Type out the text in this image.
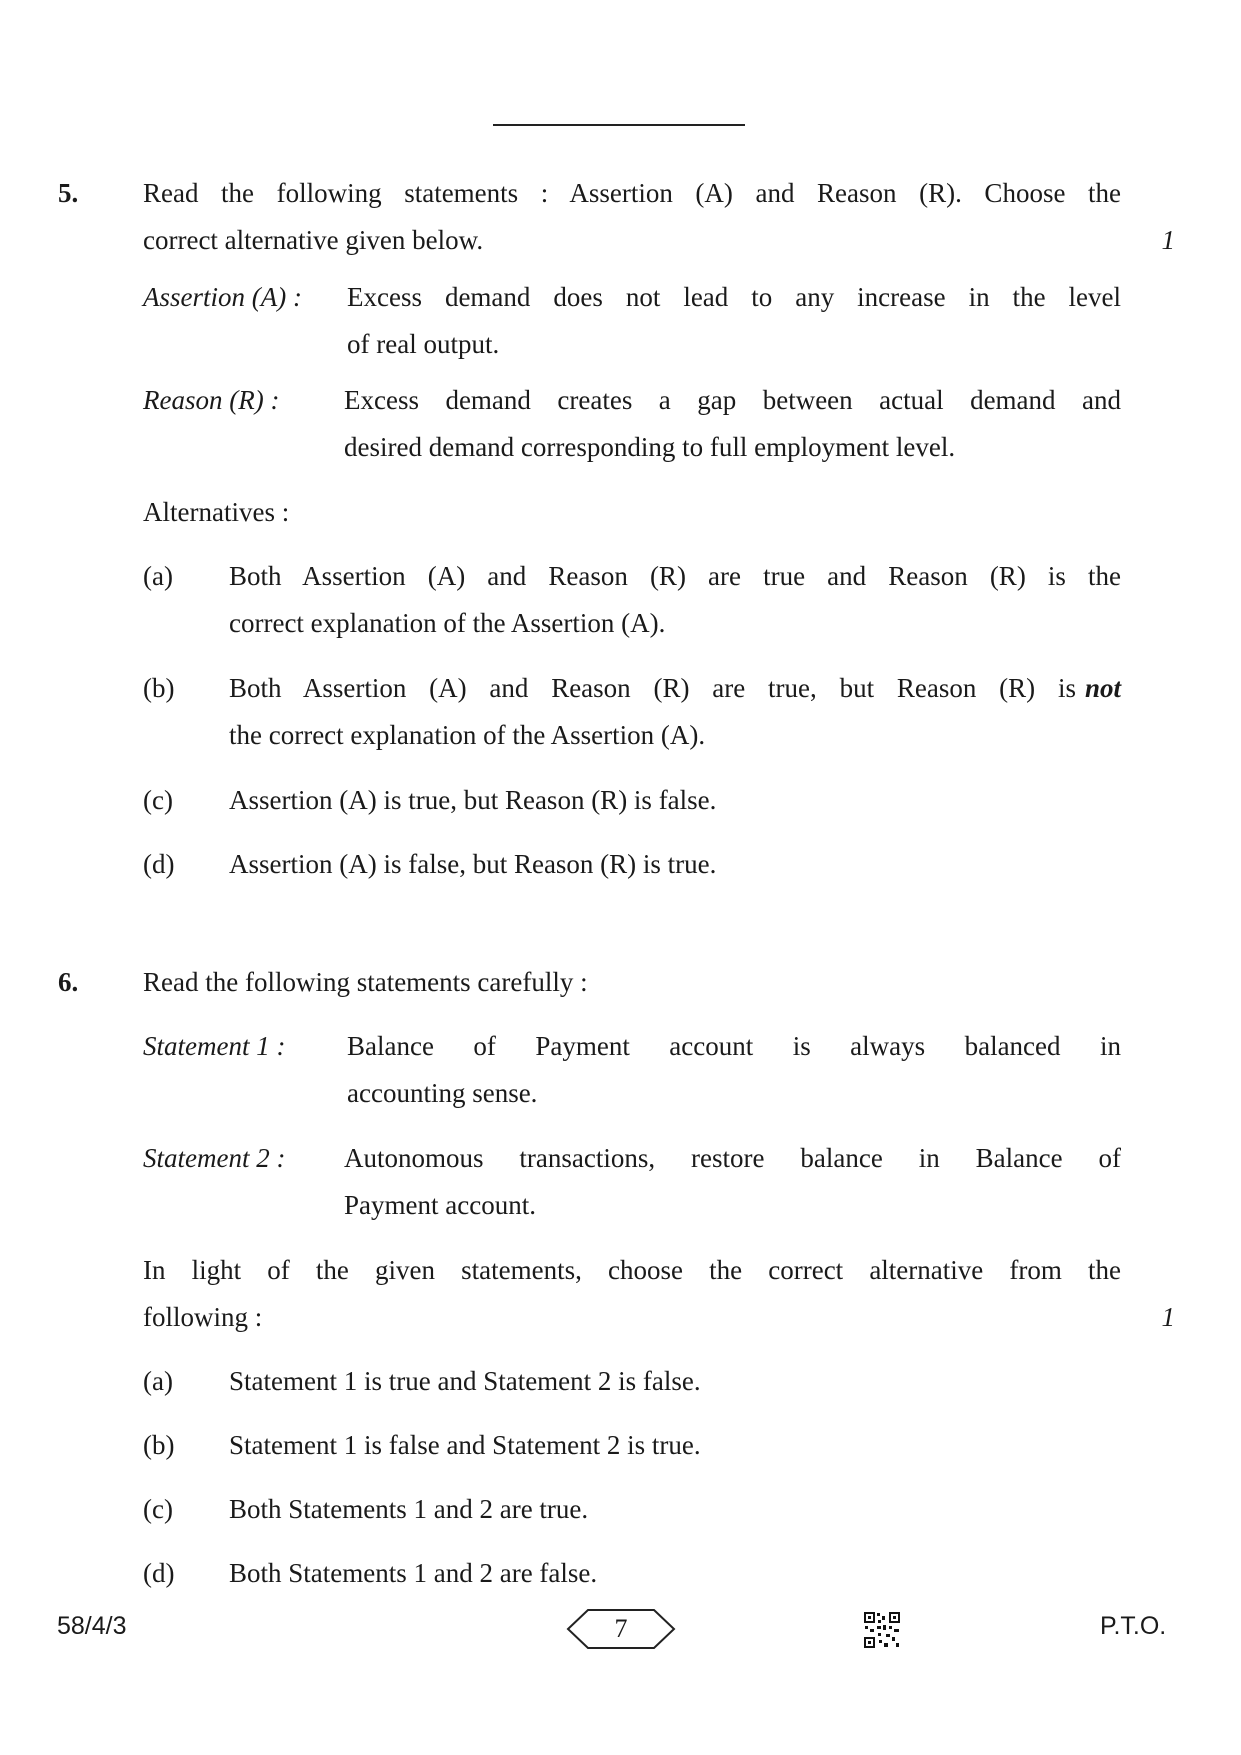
5. Read the following statements : Assertion (A) and Reason (R). Choose the
correct alternative given below.	1
Assertion (A) : Excess demand does not lead to any increase in the level
of real output.
Reason (R) : Excess demand creates a gap between actual demand and
desired demand corresponding to full employment level.
Alternatives :
(a) Both Assertion (A) and Reason (R) are true and Reason (R) is the
correct explanation of the Assertion (A).
(b) Both Assertion (A) and Reason (R) are true, but Reason (R) is not
the correct explanation of the Assertion (A).
(c) Assertion (A) is true, but Reason (R) is false.
(d) Assertion (A) is false, but Reason (R) is true.
6. Read the following statements carefully :
Statement 1 : Balance of Payment account is always balanced in
accounting sense.
Statement 2 : Autonomous transactions, restore balance in Balance of
Payment account.
In light of the given statements, choose the correct alternative from the
following :	1
(a) Statement 1 is true and Statement 2 is false.
(b) Statement 1 is false and Statement 2 is true.
(c) Both Statements 1 and 2 are true.
(d) Both Statements 1 and 2 are false.
58/4/3	7	P.T.O.
